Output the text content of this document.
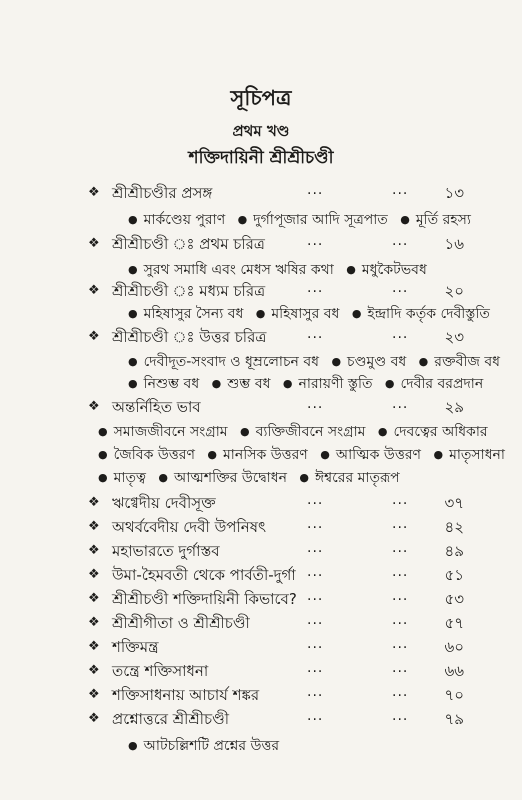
সূচিপত্র
প্রথম খণ্ড
শক্তিদায়িনী শ্রীশ্রীচণ্ডী
❖ শ্রীশ্রীচণ্ডীর প্রসঙ্গ	...	... ১৩
● মার্কণ্ডেয় পুরাণ ● দুর্গাপূজার আদি সূত্রপাত ● মূর্তি রহস্য
❖ শ্রীশ্রীচণ্ডী ঃ প্রথম চরিত্র	...	... ১৬
● সুরথ সমাধি এবং মেধস ঋষির কথা ● মধুকৈটভবধ
❖ শ্রীশ্রীচণ্ডী ঃ মধ্যম চরিত্র	...	... ২০
● মহিষাসুর সৈন্য বধ ● মহিষাসুর বধ ● ইন্দ্রাদি কর্তৃক দেবীস্তুতি
❖ শ্রীশ্রীচণ্ডী ঃ উত্তর চরিত্র	...	... ২৩
● দেবীদূত-সংবাদ ও ধূম্রলোচন বধ ● চণ্ডমুণ্ড বধ ● রক্তবীজ বধ
● নিশুম্ভ বধ ● শুম্ভ বধ ● নারায়ণী স্তুতি ● দেবীর বরপ্রদান
❖ অন্তর্নিহিত ভাব	...	... ২৯
● সমাজজীবনে সংগ্রাম ● ব্যক্তিজীবনে সংগ্রাম ● দেবত্বের অধিকার
● জৈবিক উত্তরণ ● মানসিক উত্তরণ ● আত্মিক উত্তরণ ● মাতৃসাধনা
● মাতৃত্ব ● আত্মশক্তির উদ্বোধন ● ঈশ্বরের মাতৃরূপ
❖ ঋগ্বেদীয় দেবীসূক্ত	...	... ৩৭
❖ অথর্ববেদীয় দেবী উপনিষৎ	...	... ৪২
❖ মহাভারতে দুর্গাস্তব	...	... ৪৯
❖ উমা-হৈমবতী থেকে পার্বতী-দুর্গা ...	... ৫১
❖ শ্রীশ্রীচণ্ডী শক্তিদায়িনী কিভাবে? ...	... ৫৩
❖ শ্রীশ্রীগীতা ও শ্রীশ্রীচণ্ডী	...	... ৫৭
❖ শক্তিমন্ত্র	...	... ৬০
❖ তন্ত্রে শক্তিসাধনা	...	... ৬৬
❖ শক্তিসাধনায় আচার্য শঙ্কর	...	... ৭০
❖ প্রশ্নোত্তরে শ্রীশ্রীচণ্ডী	...	... ৭৯
● আটচল্লিশটি প্রশ্নের উত্তর
